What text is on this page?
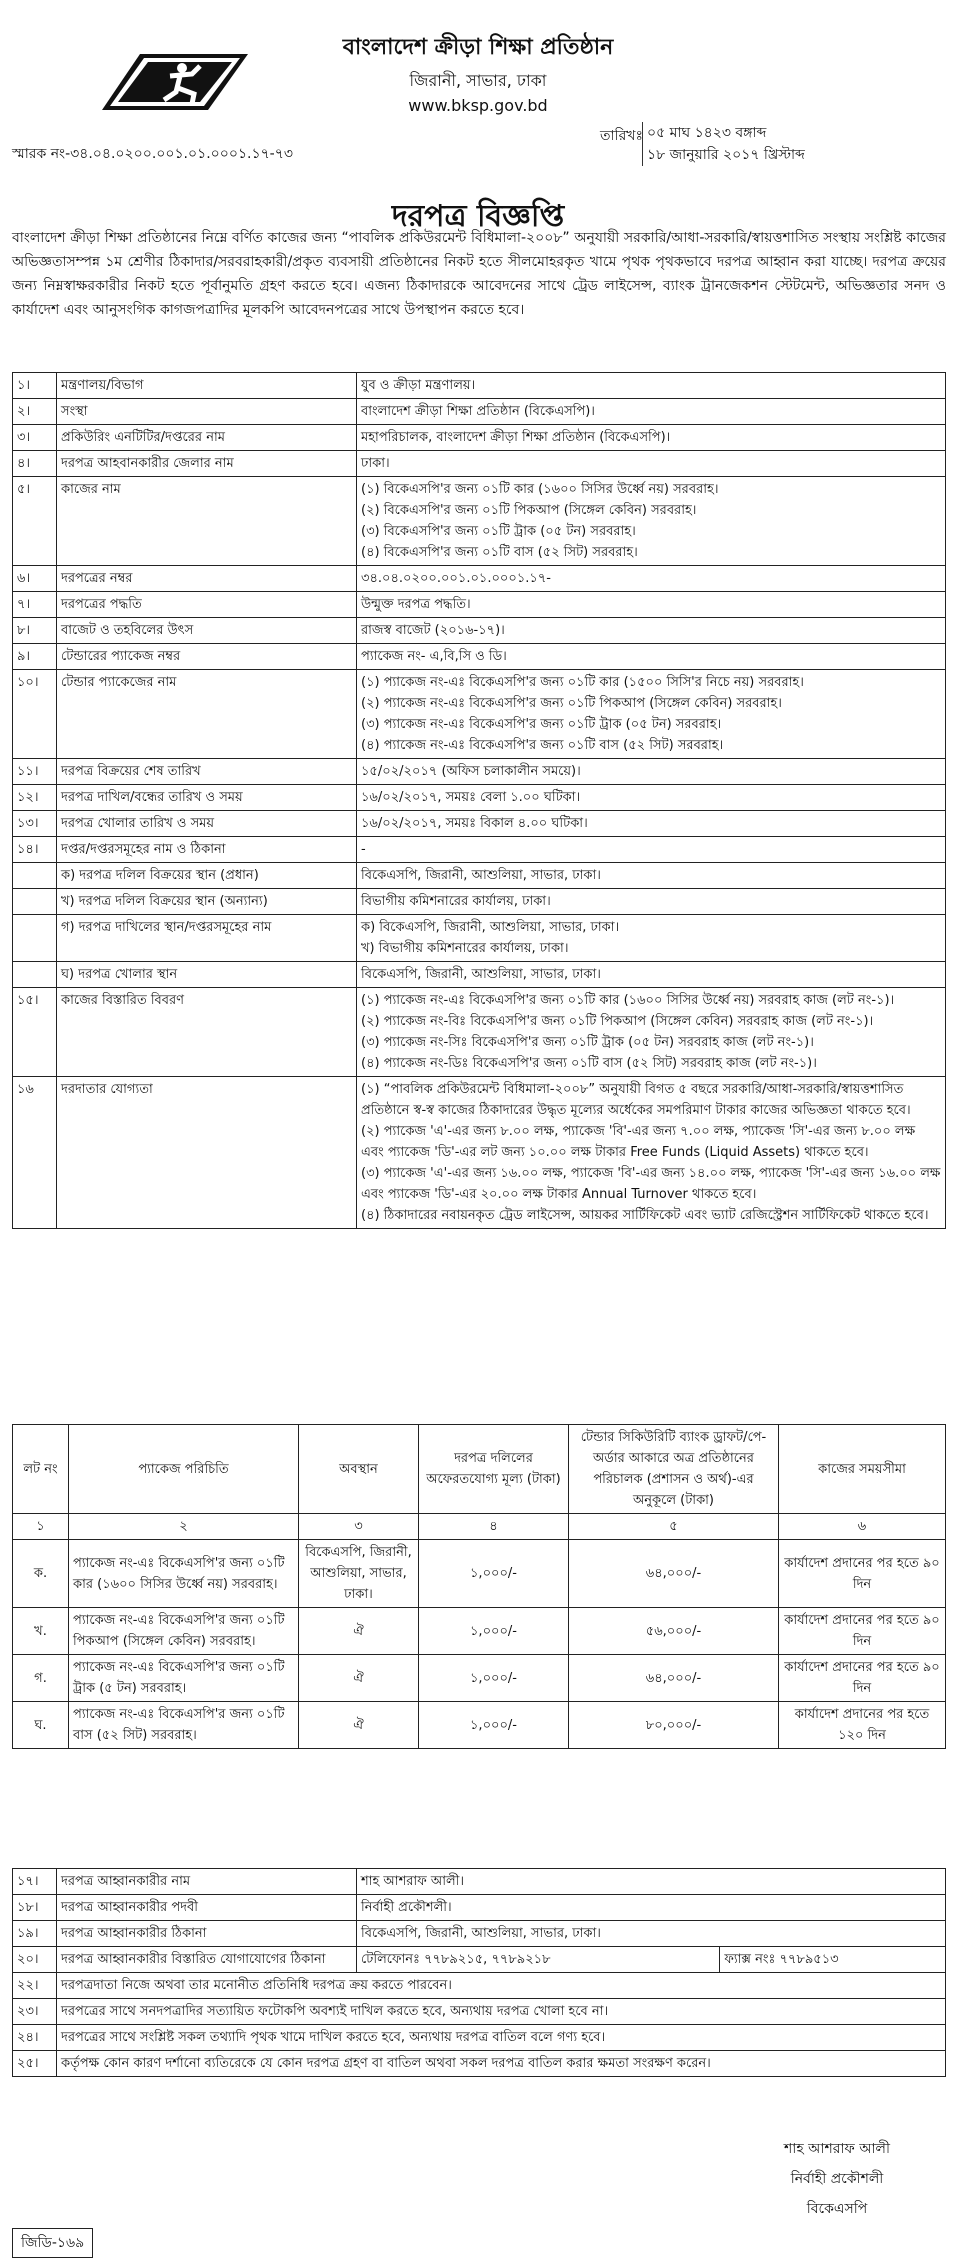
বাংলাদেশ ক্রীড়া শিক্ষা প্রতিষ্ঠান
জিরানী, সাভার, ঢাকা
www.bksp.gov.bd
স্মারক নং-৩৪.০৪.০২০০.০০১.০১.০০০১.১৭-৭৩
তারিখঃ ০৫ মাঘ ১৪২৩ বঙ্গাব্দ
১৮ জানুয়ারি ২০১৭ খ্রিস্টাব্দ
দরপত্র বিজ্ঞপ্তি
বাংলাদেশ ক্রীড়া শিক্ষা প্রতিষ্ঠানের নিম্নে বর্ণিত কাজের জন্য “পাবলিক প্রকিউরমেন্ট বিধিমালা-২০০৮” অনুযায়ী সরকারি/আধা-সরকারি/স্বায়ত্তশাসিত সংস্থায় সংশ্লিষ্ট কাজের অভিজ্ঞতাসম্পন্ন ১ম শ্রেণীর ঠিকাদার/সরবরাহকারী/প্রকৃত ব্যবসায়ী প্রতিষ্ঠানের নিকট হতে সীলমোহরকৃত খামে পৃথক পৃথকভাবে দরপত্র আহ্বান করা যাচ্ছে। দরপত্র ক্রয়ের জন্য নিম্নস্বাক্ষরকারীর নিকট হতে পূর্বানুমতি গ্রহণ করতে হবে। এজন্য ঠিকাদারকে আবেদনের সাথে ট্রেড লাইসেন্স, ব্যাংক ট্রানজেকশন স্টেটমেন্ট, অভিজ্ঞতার সনদ ও কার্যাদেশ এবং আনুসংগিক কাগজপত্রাদির মূলকপি আবেদনপত্রের সাথে উপস্থাপন করতে হবে।
১।	মন্ত্রণালয়/বিভাগ	যুব ও ক্রীড়া মন্ত্রণালয়।
২।	সংস্থা	বাংলাদেশ ক্রীড়া শিক্ষা প্রতিষ্ঠান (বিকেএসপি)।
৩।	প্রকিউরিং এনটিটির/দপ্তরের নাম	মহাপরিচালক, বাংলাদেশ ক্রীড়া শিক্ষা প্রতিষ্ঠান (বিকেএসপি)।
৪।	দরপত্র আহবানকারীর জেলার নাম	ঢাকা।
৫।	কাজের নাম	(১) বিকেএসপি'র জন্য ০১টি কার (১৬০০ সিসির উর্ধ্বে নয়) সরবরাহ।
(২) বিকেএসপি'র জন্য ০১টি পিকআপ (সিঙ্গেল কেবিন) সরবরাহ।
(৩) বিকেএসপি'র জন্য ০১টি ট্রাক (০৫ টন) সরবরাহ।
(৪) বিকেএসপি'র জন্য ০১টি বাস (৫২ সিট) সরবরাহ।

৬।	দরপত্রের নম্বর	৩৪.০৪.০২০০.০০১.০১.০০০১.১৭-
৭।	দরপত্রের পদ্ধতি	উন্মুক্ত দরপত্র পদ্ধতি।
৮।	বাজেট ও তহবিলের উৎস	রাজস্ব বাজেট (২০১৬-১৭)।
৯।	টেন্ডারের প্যাকেজ নম্বর	প্যাকেজ নং- এ,বি,সি ও ডি।
১০।	টেন্ডার প্যাকেজের নাম	(১) প্যাকেজ নং-এঃ বিকেএসপি'র জন্য ০১টি কার (১৫০০ সিসি'র নিচে নয়) সরবরাহ।
(২) প্যাকেজ নং-এঃ বিকেএসপি'র জন্য ০১টি পিকআপ (সিঙ্গেল কেবিন) সরবরাহ।
(৩) প্যাকেজ নং-এঃ বিকেএসপি'র জন্য ০১টি ট্রাক (০৫ টন) সরবরাহ।
(৪) প্যাকেজ নং-এঃ বিকেএসপি'র জন্য ০১টি বাস (৫২ সিট) সরবরাহ।

১১।	দরপত্র বিক্রয়ের শেষ তারিখ	১৫/০২/২০১৭ (অফিস চলাকালীন সময়ে)।
১২।	দরপত্র দাখিল/বন্ধের তারিখ ও সময়	১৬/০২/২০১৭, সময়ঃ বেলা ১.০০ ঘটিকা।
১৩।	দরপত্র খোলার তারিখ ও সময়	১৬/০২/২০১৭, সময়ঃ বিকাল ৪.০০ ঘটিকা।
১৪।	দপ্তর/দপ্তরসমূহের নাম ও ঠিকানা	-
	ক) দরপত্র দলিল বিক্রয়ের স্থান (প্রধান)	বিকেএসপি, জিরানী, আশুলিয়া, সাভার, ঢাকা।
	খ) দরপত্র দলিল বিক্রয়ের স্থান (অন্যান্য)	বিভাগীয় কমিশনারের কার্যালয়, ঢাকা।
	গ) দরপত্র দাখিলের স্থান/দপ্তরসমূহের নাম	ক) বিকেএসপি, জিরানী, আশুলিয়া, সাভার, ঢাকা।
খ) বিভাগীয় কমিশনারের কার্যালয়, ঢাকা।

	ঘ) দরপত্র খোলার স্থান	বিকেএসপি, জিরানী, আশুলিয়া, সাভার, ঢাকা।
১৫।	কাজের বিস্তারিত বিবরণ	(১) প্যাকেজ নং-এঃ বিকেএসপি'র জন্য ০১টি কার (১৬০০ সিসির উর্ধ্বে নয়) সরবরাহ কাজ (লট নং-১)।
(২) প্যাকেজ নং-বিঃ বিকেএসপি'র জন্য ০১টি পিকআপ (সিঙ্গেল কেবিন) সরবরাহ কাজ (লট নং-১)।
(৩) প্যাকেজ নং-সিঃ বিকেএসপি'র জন্য ০১টি ট্রাক (০৫ টন) সরবরাহ কাজ (লট নং-১)।
(৪) প্যাকেজ নং-ডিঃ বিকেএসপি'র জন্য ০১টি বাস (৫২ সিট) সরবরাহ কাজ (লট নং-১)।

১৬	দরদাতার যোগ্যতা	(১) “পাবলিক প্রকিউরমেন্ট বিধিমালা-২০০৮” অনুযায়ী বিগত ৫ বছরে সরকারি/আধা-সরকারি/স্বায়ত্তশাসিত প্রতিষ্ঠানে স্ব-স্ব কাজের ঠিকাদারের উদ্ধৃত মূল্যের অর্ধেকের সমপরিমাণ টাকার কাজের অভিজ্ঞতা থাকতে হবে।
(২) প্যাকেজ 'এ'-এর জন্য ৮.০০ লক্ষ, প্যাকেজ 'বি'-এর জন্য ৭.০০ লক্ষ, প্যাকেজ 'সি'-এর জন্য ৮.০০ লক্ষ এবং প্যাকেজ 'ডি'-এর লট জন্য ১০.০০ লক্ষ টাকার Free Funds (Liquid Assets) থাকতে হবে।
(৩) প্যাকেজ 'এ'-এর জন্য ১৬.০০ লক্ষ, প্যাকেজ 'বি'-এর জন্য ১৪.০০ লক্ষ, প্যাকেজ 'সি'-এর জন্য ১৬.০০ লক্ষ এবং প্যাকেজ 'ডি'-এর ২০.০০ লক্ষ টাকার Annual Turnover থাকতে হবে।
(৪) ঠিকাদারের নবায়নকৃত ট্রেড লাইসেন্স, আয়কর সার্টিফিকেট এবং ভ্যাট রেজিস্ট্রেশন সার্টিফিকেট থাকতে হবে।
লট নং	প্যাকেজ পরিচিতি	অবস্থান	দরপত্র দলিলের অফেরতযোগ্য মূল্য (টাকা)	টেন্ডার সিকিউরিটি ব্যাংক ড্রাফট/পে-অর্ডার আকারে অত্র প্রতিষ্ঠানের পরিচালক (প্রশাসন ও অর্থ)-এর অনুকূলে (টাকা)	কাজের সময়সীমা
১	২	৩	৪	৫	৬
ক.	প্যাকেজ নং-এঃ বিকেএসপি'র জন্য ০১টি কার (১৬০০ সিসির উর্ধ্বে নয়) সরবরাহ।	বিকেএসপি, জিরানী, আশুলিয়া, সাভার, ঢাকা।	১,০০০/-	৬৪,০০০/-	কার্যাদেশ প্রদানের পর হতে ৯০ দিন
খ.	প্যাকেজ নং-এঃ বিকেএসপি'র জন্য ০১টি পিকআপ (সিঙ্গেল কেবিন) সরবরাহ।	ঐ	১,০০০/-	৫৬,০০০/-	কার্যাদেশ প্রদানের পর হতে ৯০ দিন
গ.	প্যাকেজ নং-এঃ বিকেএসপি'র জন্য ০১টি ট্রাক (৫ টন) সরবরাহ।	ঐ	১,০০০/-	৬৪,০০০/-	কার্যাদেশ প্রদানের পর হতে ৯০ দিন
ঘ.	প্যাকেজ নং-এঃ বিকেএসপি'র জন্য ০১টি বাস (৫২ সিট) সরবরাহ।	ঐ	১,০০০/-	৮০,০০০/-	কার্যাদেশ প্রদানের পর হতে ১২০ দিন
১৭।	দরপত্র আহ্বানকারীর নাম	শাহ আশরাফ আলী।	
১৮।	দরপত্র আহ্বানকারীর পদবী	নির্বাহী প্রকৌশলী।	
১৯।	দরপত্র আহ্বানকারীর ঠিকানা	বিকেএসপি, জিরানী, আশুলিয়া, সাভার, ঢাকা।	
২০।	দরপত্র আহ্বানকারীর বিস্তারিত যোগাযোগের ঠিকানা	টেলিফোনঃ ৭৭৮৯২১৫, ৭৭৮৯২১৮	ফ্যাক্স নংঃ ৭৭৮৯৫১৩
২২।	দরপত্রদাতা নিজে অথবা তার মনোনীত প্রতিনিধি দরপত্র ক্রয় করতে পারবেন।		
২৩।	দরপত্রের সাথে সনদপত্রাদির সত্যায়িত ফটোকপি অবশ্যই দাখিল করতে হবে, অন্যথায় দরপত্র খোলা হবে না।		
২৪।	দরপত্রের সাথে সংশ্লিষ্ট সকল তথ্যাদি পৃথক খামে দাখিল করতে হবে, অন্যথায় দরপত্র বাতিল বলে গণ্য হবে।		
২৫।	কর্তৃপক্ষ কোন কারণ দর্শানো ব্যতিরেকে যে কোন দরপত্র গ্রহণ বা বাতিল অথবা সকল দরপত্র বাতিল করার ক্ষমতা সংরক্ষণ করেন।		
শাহ আশরাফ আলী
নির্বাহী প্রকৌশলী
বিকেএসপি
জিডি-১৬৯
